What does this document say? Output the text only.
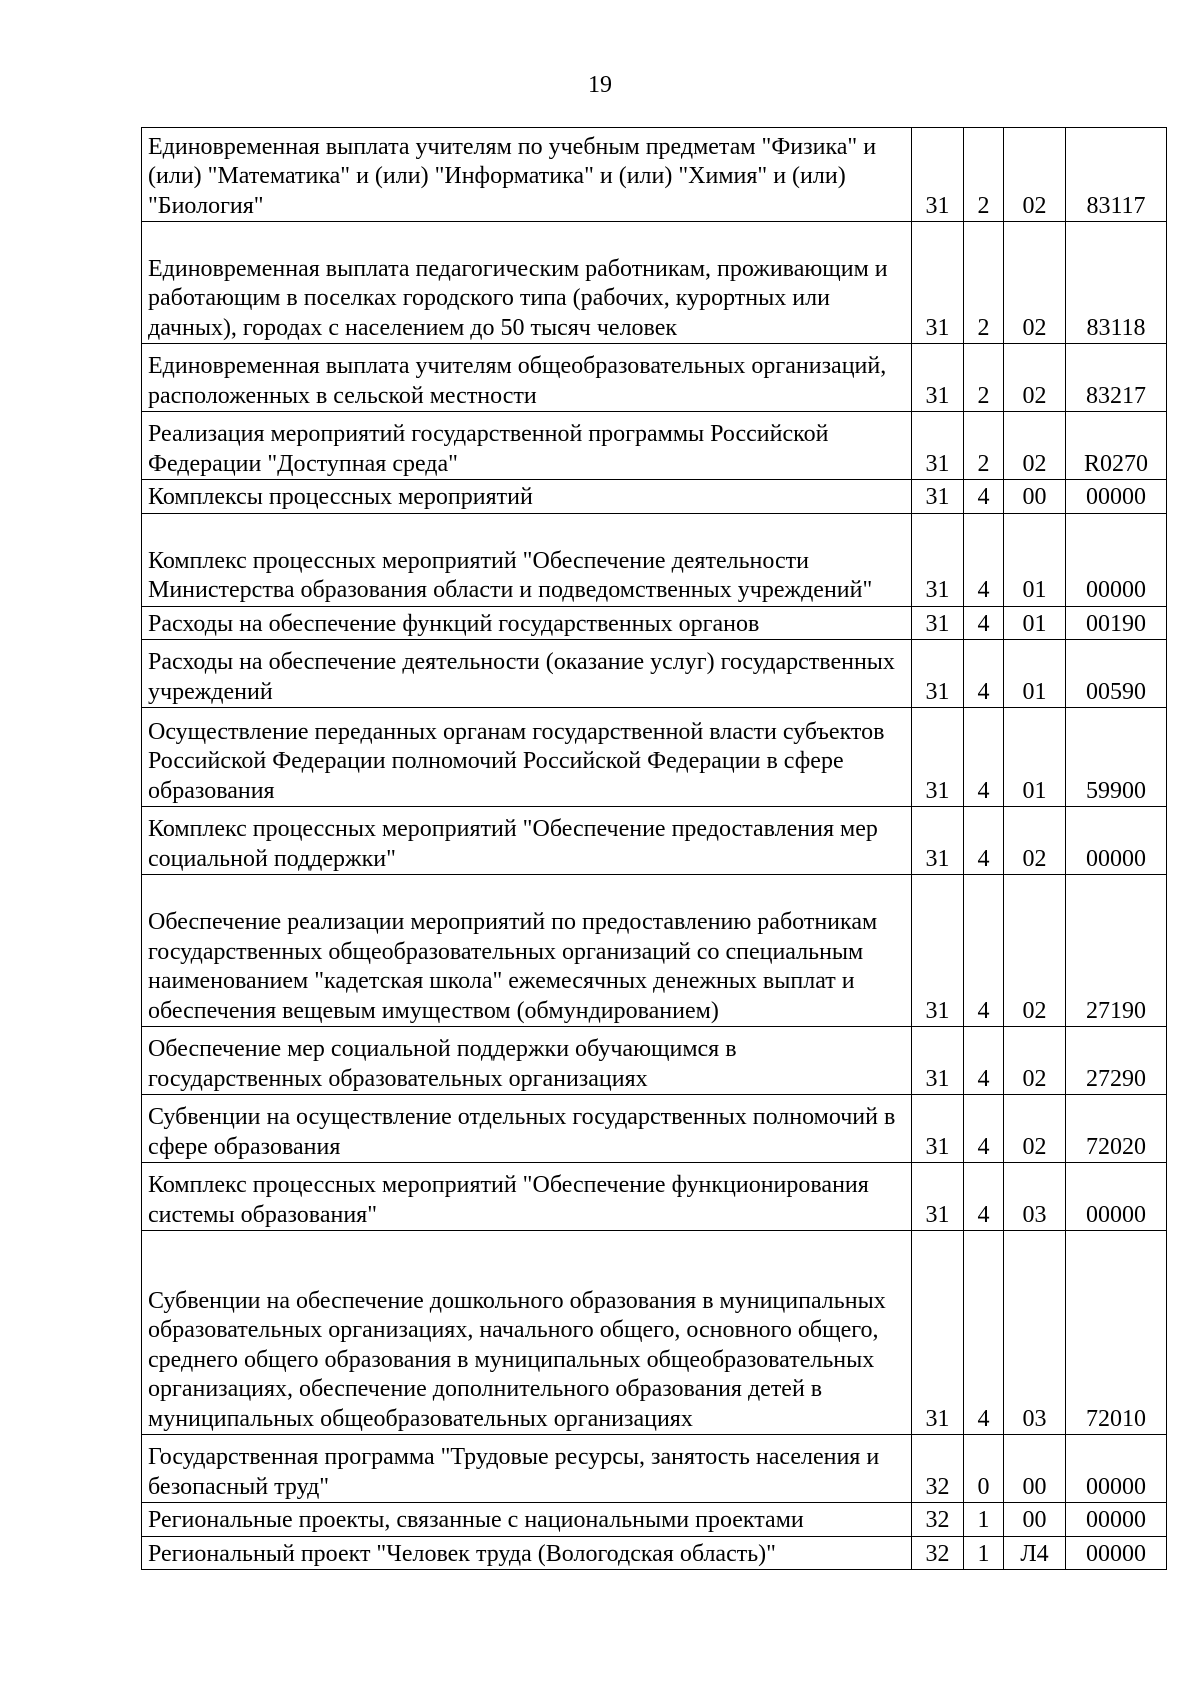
19
Единовременная выплата учителям по учебным предметам "Физика" и (или) "Математика" и (или) "Информатика" и (или) "Химия" и (или) "Биология"	31	2	02	83117
Единовременная выплата педагогическим работникам, проживающим и работающим в поселках городского типа (рабочих, курортных или дачных), городах с населением до 50 тысяч человек	31	2	02	83118
Единовременная выплата учителям общеобразовательных организаций, расположенных в сельской местности	31	2	02	83217
Реализация мероприятий государственной программы Российской Федерации "Доступная среда"	31	2	02	R0270
Комплексы процессных мероприятий	31	4	00	00000
Комплекс процессных мероприятий "Обеспечение деятельности Министерства образования области и подведомственных учреждений"	31	4	01	00000
Расходы на обеспечение функций государственных органов	31	4	01	00190
Расходы на обеспечение деятельности (оказание услуг) государственных учреждений	31	4	01	00590
Осуществление переданных органам государственной власти субъектов Российской Федерации полномочий Российской Федерации в сфере образования	31	4	01	59900
Комплекс процессных мероприятий "Обеспечение предоставления мер социальной поддержки"	31	4	02	00000
Обеспечение реализации мероприятий по предоставлению работникам государственных общеобразовательных организаций со специальным наименованием "кадетская школа" ежемесячных денежных выплат и обеспечения вещевым имуществом (обмундированием)	31	4	02	27190
Обеспечение мер социальной поддержки обучающимся в государственных образовательных организациях	31	4	02	27290
Субвенции на осуществление отдельных государственных полномочий в сфере образования	31	4	02	72020
Комплекс процессных мероприятий "Обеспечение функционирования системы образования"	31	4	03	00000
Субвенции на обеспечение дошкольного образования в муниципальных образовательных организациях, начального общего, основного общего, среднего общего образования в муниципальных общеобразовательных организациях, обеспечение дополнительного образования детей в муниципальных общеобразовательных организациях	31	4	03	72010
Государственная программа "Трудовые ресурсы, занятость населения и безопасный труд"	32	0	00	00000
Региональные проекты, связанные с национальными проектами	32	1	00	00000
Региональный проект "Человек труда (Вологодская область)"	32	1	Л4	00000
